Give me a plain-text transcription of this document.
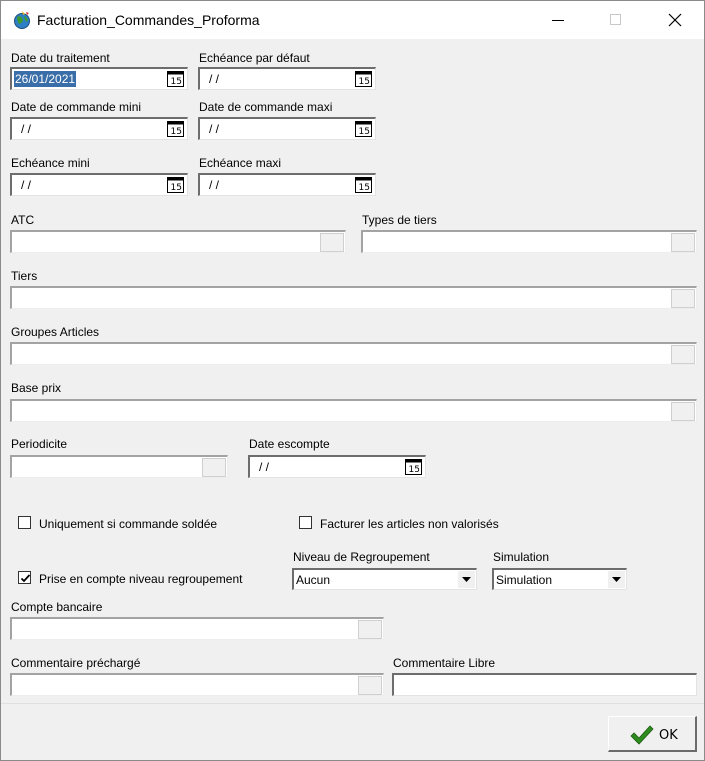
Facturation_Commandes_Proforma
Date du traitement
26/01/2021	15
Echéance par défaut
/ /	15
Date de commande mini
/ /	15
Date de commande maxi
/ /	15
Echéance mini
/ /	15
Echéance maxi
/ /	15
ATC	Types de tiers
Tiers
Groupes Articles
Base prix
Periodicite	Date escompte
/ /	15
Uniquement si commande soldée	Facturer les articles non valorisés
Niveau de Regroupement	Simulation
Prise en compte niveau regroupement	Aucun	Simulation
Compte bancaire
Commentaire préchargé	Commentaire Libre
OK
